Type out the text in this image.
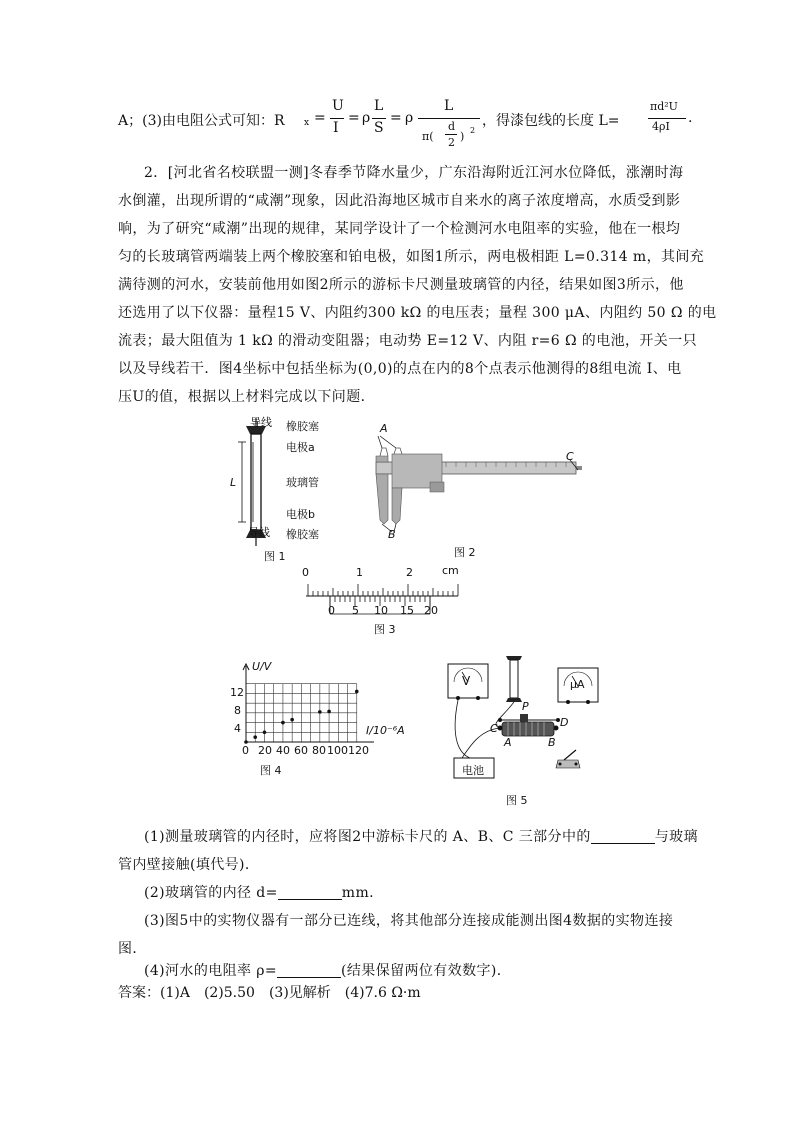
A；(3)由电阻公式可知：R x =
U
I
= ρ
L
S
= ρ
L
π(
d
2 ) 2
，得漆包线的长度 L=
πd²U
4ρI
.
2．[河北省名校联盟一测]冬春季节降水量少，广东沿海附近江河水位降低，涨潮时海
水倒灌，出现所谓的“咸潮”现象，因此沿海地区城市自来水的离子浓度增高，水质受到影
响，为了研究“咸潮”出现的规律，某同学设计了一个检测河水电阻率的实验，他在一根均
匀的长玻璃管两端装上两个橡胶塞和铂电极，如图1所示，两电极相距 L=0.314 m，其间充
满待测的河水，安装前他用如图2所示的游标卡尺测量玻璃管的内径，结果如图3所示，他
还选用了以下仪器：量程15 V、内阻约300 kΩ 的电压表；量程 300 μA、内阻约 50 Ω 的电
流表；最大阻值为 1 kΩ 的滑动变阻器；电动势 E=12 V、内阻 r=6 Ω 的电池，开关一只
以及导线若干．图4坐标中包括坐标为(0,0)的点在内的8个点表示他测得的8组电流 I、电
压U的值，根据以上材料完成以下问题．
导线 橡胶塞
电极a
L	玻璃管
电极b
导线 橡胶塞
图 1
A
B
C
图 2
0	1	2	cm
0 5 10 15 20
图 3
U/V
I/10⁻⁶A
12
8
4
0 20 40 60 80 100 120
图 4
V	μA
电池
P
C	D
A	B
图 5
(1)测量玻璃管的内径时，应将图2中游标卡尺的 A、B、C 三部分中的	与玻璃
管内壁接触(填代号)．
(2)玻璃管的内径 d=	mm.
(3)图5中的实物仪器有一部分已连线，将其他部分连接成能测出图4数据的实物连接
图．
(4)河水的电阻率 ρ=	(结果保留两位有效数字)．
答案：(1)A　(2)5.50　(3)见解析　(4)7.6 Ω·m
